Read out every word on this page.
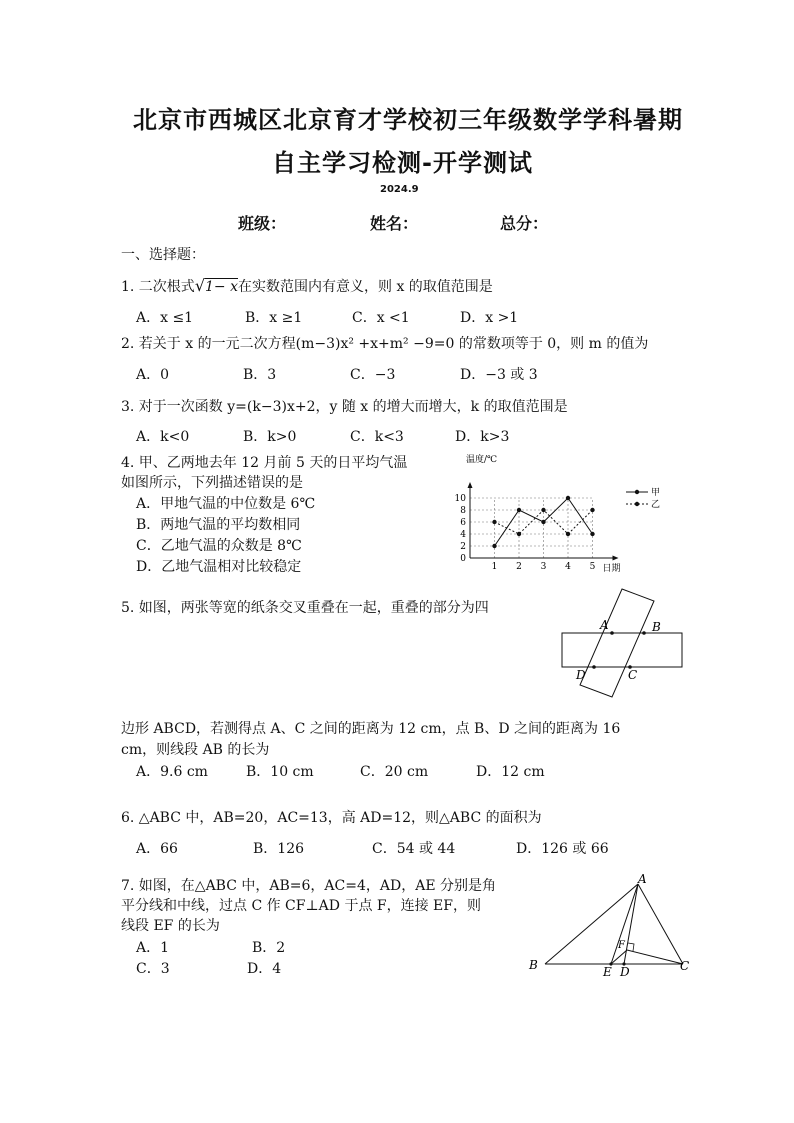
北京市西城区北京育才学校初三年级数学学科暑期
自主学习检测-开学测试
2024.9
班级：	姓名：	总分：
一、选择题：
1. 二次根式√1− x在实数范围内有意义，则 x 的取值范围是
A．x ≤1	B．x ≥1	C．x <1	D．x >1
2. 若关于 x 的一元二次方程(m−3)x² +x+m² −9=0 的常数项等于 0，则 m 的值为
A．0	B．3	C．−3	D．−3 或 3
3. 对于一次函数 y=(k−3)x+2，y 随 x 的增大而增大，k 的取值范围是
A．k<0	B．k>0	C．k<3	D．k>3
4. 甲、乙两地去年 12 月前 5 天的日平均气温
如图所示，下列描述错误的是
A．甲地气温的中位数是 6℃
B．两地气温的平均数相同
C．乙地气温的众数是 8℃
D．乙地气温相对比较稳定	0
2
4
6
8
10
1 2 3 4 5 日期
温度/℃
甲
乙
5. 如图，两张等宽的纸条交叉重叠在一起，重叠的部分为四
A	B
C
D
边形 ABCD，若测得点 A、C 之间的距离为 12 cm，点 B、D 之间的距离为 16
cm，则线段 AB 的长为
A．9.6 cm	B．10 cm	C．20 cm	D．12 cm
6. △ABC 中，AB=20，AC=13，高 AD=12，则△ABC 的面积为
A．66	B．126	C．54 或 44	D．126 或 66
7. 如图，在△ABC 中，AB=6，AC=4，AD，AE 分别是角
平分线和中线，过点 C 作 CF⊥AD 于点 F，连接 EF，则
线段 EF 的长为
A．1	B．2
C．3	D．4
A
B	C
D
E
F
